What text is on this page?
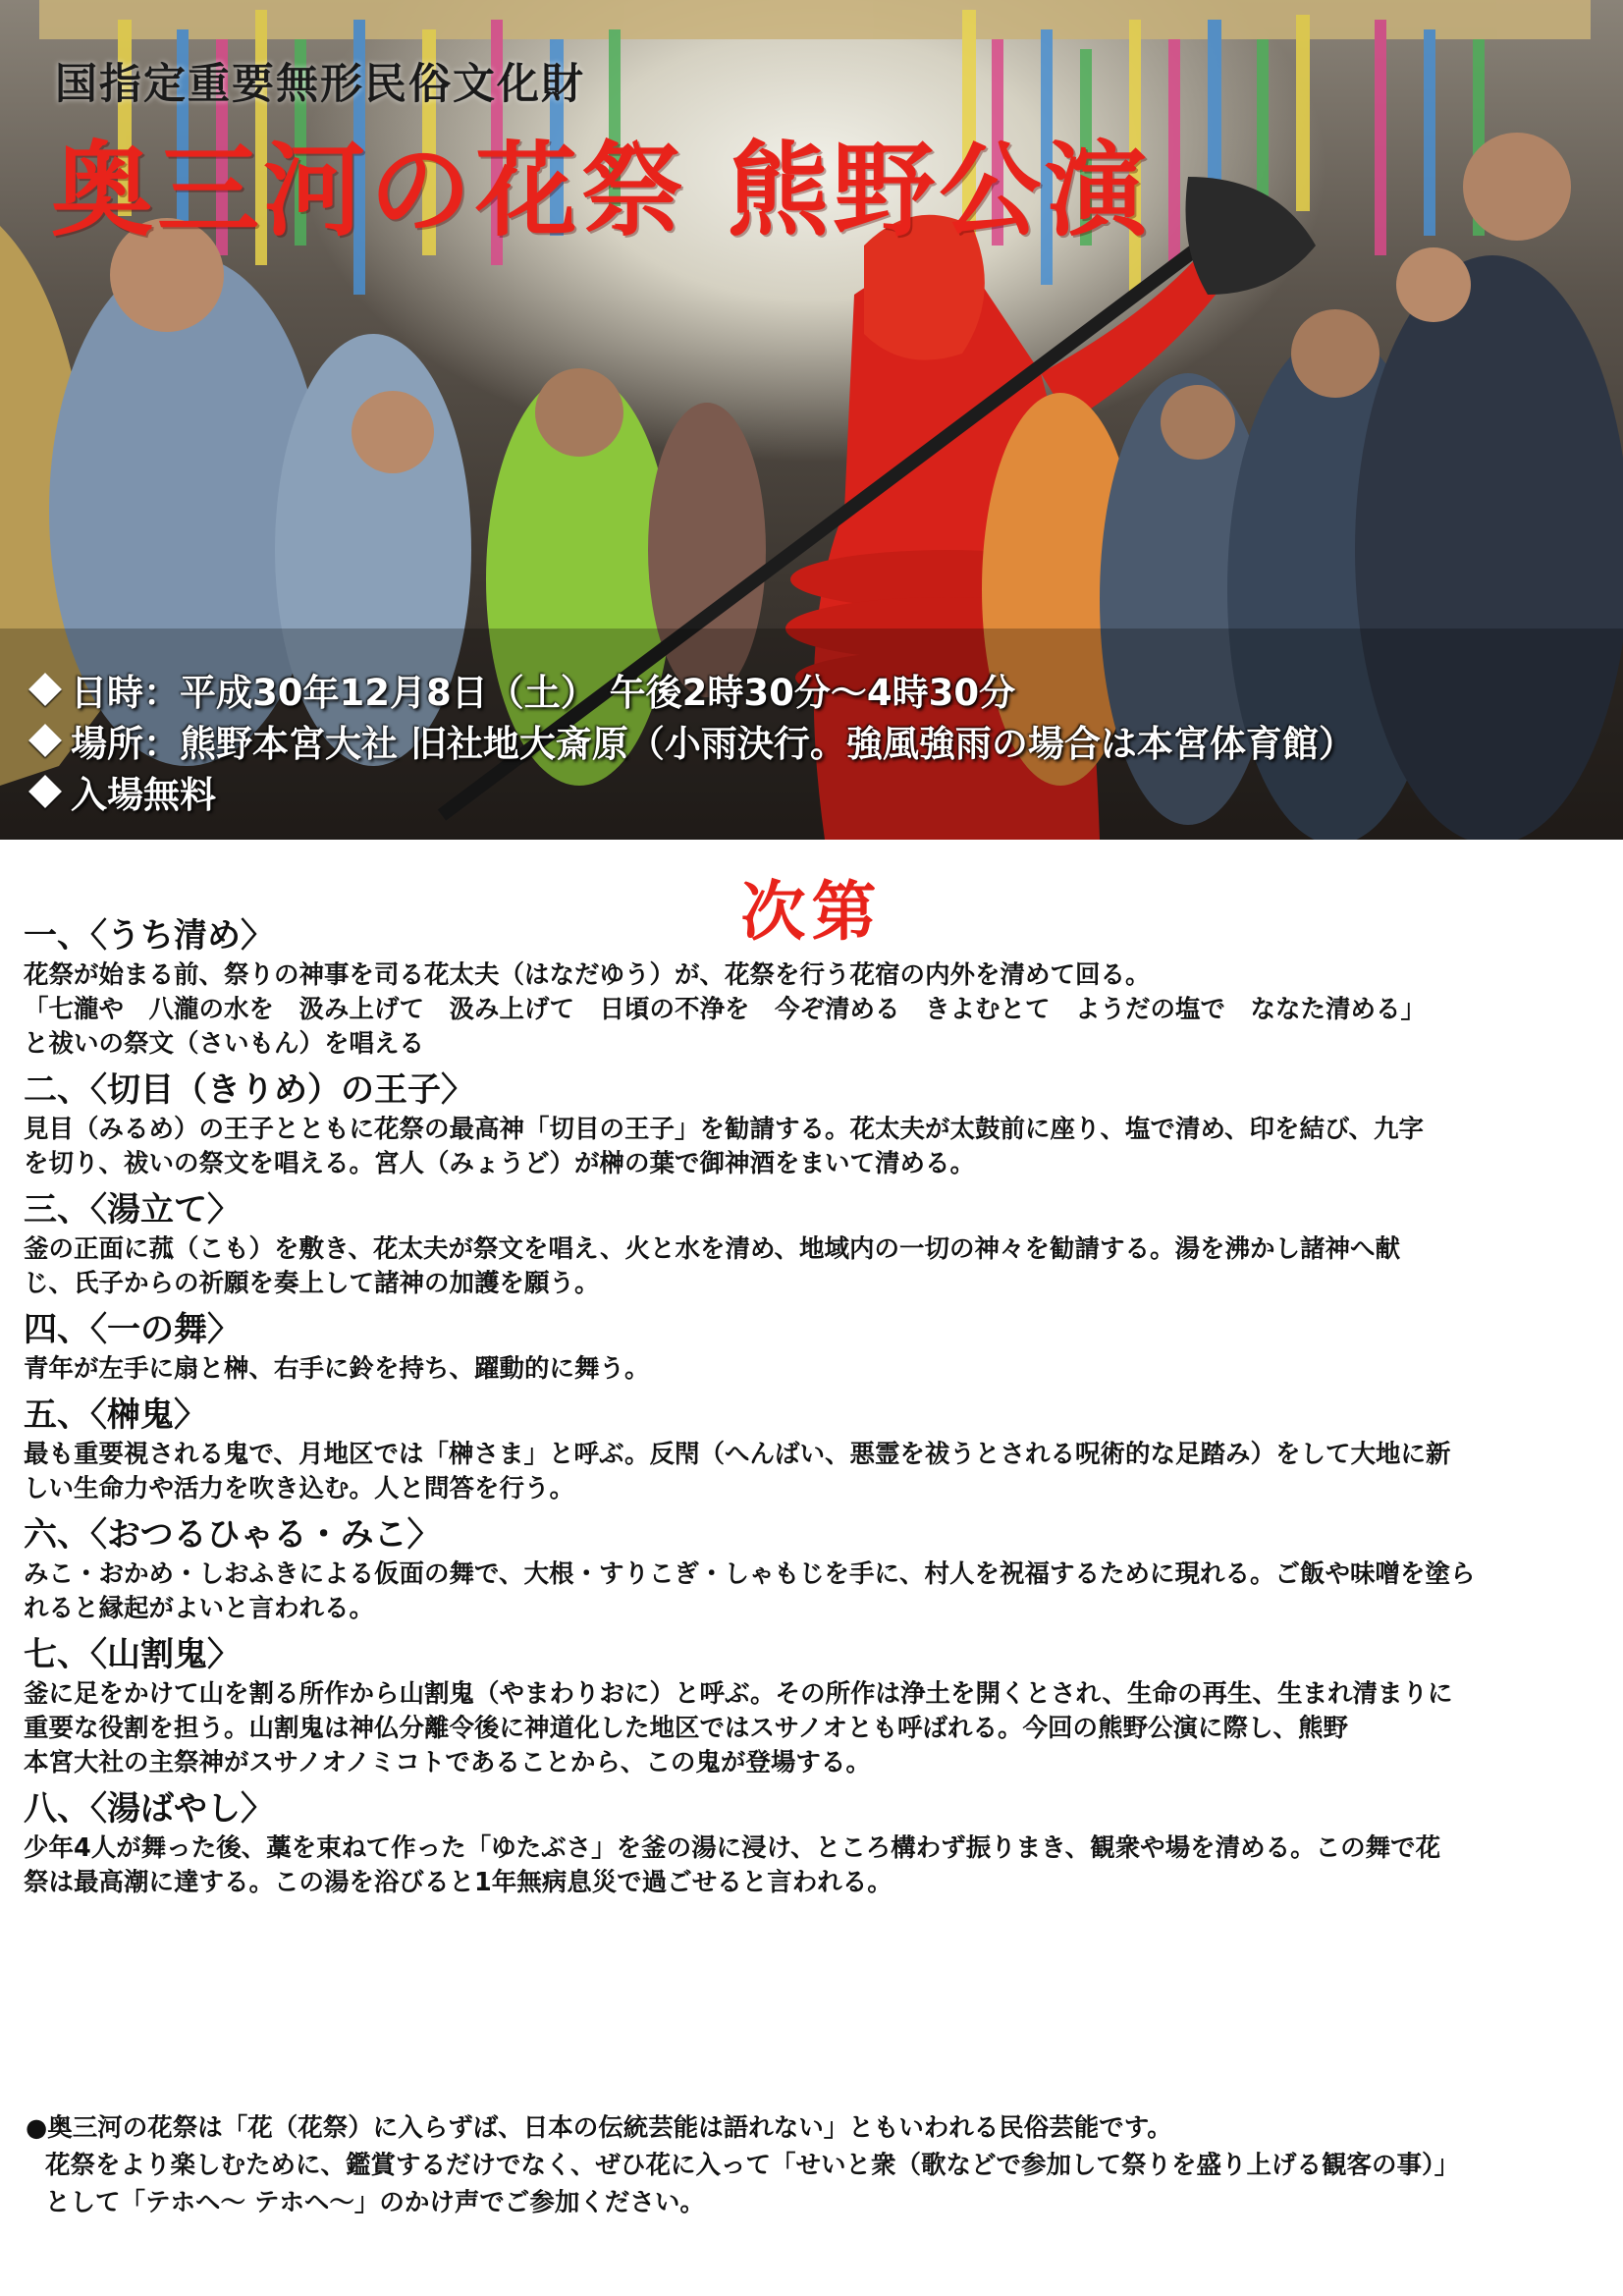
国指定重要無形民俗文化財
奥三河の花祭 熊野公演
日時：平成30年12月8日（土） 午後2時30分～4時30分
場所：熊野本宮大社 旧社地大斎原（小雨決行。強風強雨の場合は本宮体育館）
入場無料
次第
一、〈うち清め〉

花祭が始まる前、祭りの神事を司る花太夫（はなだゆう）が、花祭を行う花宿の内外を清めて回る。

「七瀧や　八瀧の水を　汲み上げて　汲み上げて　日頃の不浄を　今ぞ清める　きよむとて　ようだの塩で　ななた清める」

と祓いの祭文（さいもん）を唱える

二、〈切目（きりめ）の王子〉

見目（みるめ）の王子とともに花祭の最高神「切目の王子」を勧請する。花太夫が太鼓前に座り、塩で清め、印を結び、九字

を切り、祓いの祭文を唱える。宮人（みょうど）が榊の葉で御神酒をまいて清める。

三、〈湯立て〉

釜の正面に菰（こも）を敷き、花太夫が祭文を唱え、火と水を清め、地域内の一切の神々を勧請する。湯を沸かし諸神へ献

じ、氏子からの祈願を奏上して諸神の加護を願う。

四、〈一の舞〉

青年が左手に扇と榊、右手に鈴を持ち、躍動的に舞う。

五、〈榊鬼〉

最も重要視される鬼で、月地区では「榊さま」と呼ぶ。反閇（へんばい、悪霊を祓うとされる呪術的な足踏み）をして大地に新

しい生命力や活力を吹き込む。人と問答を行う。

六、〈おつるひゃる・みこ〉

みこ・おかめ・しおふきによる仮面の舞で、大根・すりこぎ・しゃもじを手に、村人を祝福するために現れる。ご飯や味噌を塗ら

れると縁起がよいと言われる。

七、〈山割鬼〉

釜に足をかけて山を割る所作から山割鬼（やまわりおに）と呼ぶ。その所作は浄土を開くとされ、生命の再生、生まれ清まりに

重要な役割を担う。山割鬼は神仏分離令後に神道化した地区ではスサノオとも呼ばれる。今回の熊野公演に際し、熊野

本宮大社の主祭神がスサノオノミコトであることから、この鬼が登場する。

八、〈湯ばやし〉

少年4人が舞った後、藁を束ねて作った「ゆたぶさ」を釜の湯に浸け、ところ構わず振りまき、観衆や場を清める。この舞で花

祭は最高潮に達する。この湯を浴びると1年無病息災で過ごせると言われる。

●奥三河の花祭は「花（花祭）に入らずば、日本の伝統芸能は語れない」ともいわれる民俗芸能です。

花祭をより楽しむために、鑑賞するだけでなく、ぜひ花に入って「せいと衆（歌などで参加して祭りを盛り上げる観客の事）」

として「テホヘ～ テホヘ～」のかけ声でご参加ください。
